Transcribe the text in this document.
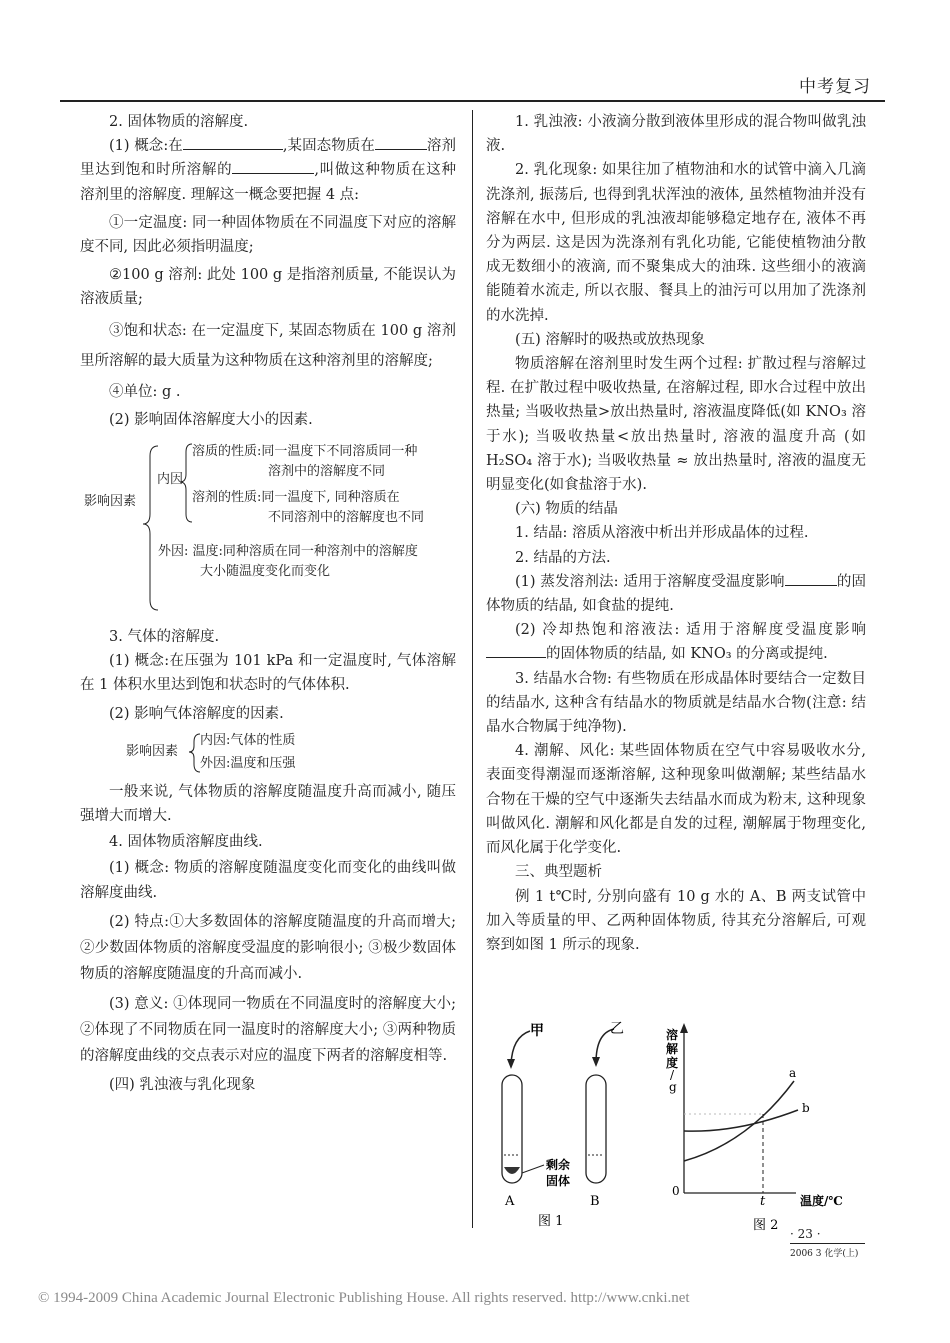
中考复习

2. 固体物质的溶解度.

(1) 概念:在	,某固态物质在	溶剂里达到饱和时所溶解的	,叫做这种物质在这种溶剂里的溶解度. 理解这一概念要把握 4 点:

①一定温度: 同一种固体物质在不同温度下对应的溶解度不同, 因此必须指明温度;

②100 g 溶剂: 此处 100 g 是指溶剂质量, 不能误认为溶液质量;

③饱和状态: 在一定温度下, 某固态物质在 100 g 溶剂里所溶解的最大质量为这种物质在这种溶剂里的溶解度;

④单位: g .

(2) 影响固体溶解度大小的因素.

影响因素
内因
溶质的性质:同一温度下不同溶质同一种
溶剂中的溶解度不同
溶剂的性质:同一温度下, 同种溶质在
不同溶剂中的溶解度也不同
外因: 温度:同种溶质在同一种溶剂中的溶解度
大小随温度变化而变化

3. 气体的溶解度.

(1) 概念:在压强为 101 kPa 和一定温度时, 气体溶解在 1 体积水里达到饱和状态时的气体体积.

(2) 影响气体溶解度的因素.

影响因素
内因:气体的性质
外因:温度和压强

一般来说, 气体物质的溶解度随温度升高而减小, 随压强增大而增大.

4. 固体物质溶解度曲线.

(1) 概念: 物质的溶解度随温度变化而变化的曲线叫做溶解度曲线.

(2) 特点:①大多数固体的溶解度随温度的升高而增大; ②少数固体物质的溶解度受温度的影响很小; ③极少数固体物质的溶解度随温度的升高而减小.

(3) 意义: ①体现同一物质在不同温度时的溶解度大小; ②体现了不同物质在同一温度时的溶解度大小; ③两种物质的溶解度曲线的交点表示对应的温度下两者的溶解度相等.

(四) 乳浊液与乳化现象

1. 乳浊液: 小液滴分散到液体里形成的混合物叫做乳浊液.

2. 乳化现象: 如果往加了植物油和水的试管中滴入几滴洗涤剂, 振荡后, 也得到乳状浑浊的液体, 虽然植物油并没有溶解在水中, 但形成的乳浊液却能够稳定地存在, 液体不再分为两层. 这是因为洗涤剂有乳化功能, 它能使植物油分散成无数细小的液滴, 而不聚集成大的油珠. 这些细小的液滴能随着水流走, 所以衣服、餐具上的油污可以用加了洗涤剂的水洗掉.

(五) 溶解时的吸热或放热现象

物质溶解在溶剂里时发生两个过程: 扩散过程与溶解过程. 在扩散过程中吸收热量, 在溶解过程, 即水合过程中放出热量; 当吸收热量>放出热量时, 溶液温度降低(如 KNO₃ 溶于水); 当吸收热量<放出热量时, 溶液的温度升高 (如 H₂SO₄ 溶于水); 当吸收热量 ≈ 放出热量时, 溶液的温度无明显变化(如食盐溶于水).

(六) 物质的结晶

1. 结晶: 溶质从溶液中析出并形成晶体的过程.

2. 结晶的方法.

(1) 蒸发溶剂法: 适用于溶解度受温度影响	的固体物质的结晶, 如食盐的提纯.

(2) 冷却热饱和溶液法: 适用于溶解度受温度影响的固体物质的结晶, 如 KNO₃ 的分离或提纯.

3. 结晶水合物: 有些物质在形成晶体时要结合一定数目的结晶水, 这种含有结晶水的物质就是结晶水合物(注意: 结晶水合物属于纯净物).

4. 潮解、风化: 某些固体物质在空气中容易吸收水分, 表面变得潮湿而逐渐溶解, 这种现象叫做潮解; 某些结晶水合物在干燥的空气中逐渐失去结晶水而成为粉末, 这种现象叫做风化. 潮解和风化都是自发的过程, 潮解属于物理变化, 而风化属于化学变化.

三、典型题析

例 1 t℃时, 分别向盛有 10 g 水的 A、B 两支试管中加入等质量的甲、乙两种固体物质, 待其充分溶解后, 可观察到如图 1 所示的现象.

甲	乙
A	B
剩余
固体
图 1
溶
解
度
/
g
0
t	温度/℃
a
b
图 2
· 23 ·
2006 3 化学(上)
© 1994-2009 China Academic Journal Electronic Publishing House. All rights reserved. http://www.cnki.net
